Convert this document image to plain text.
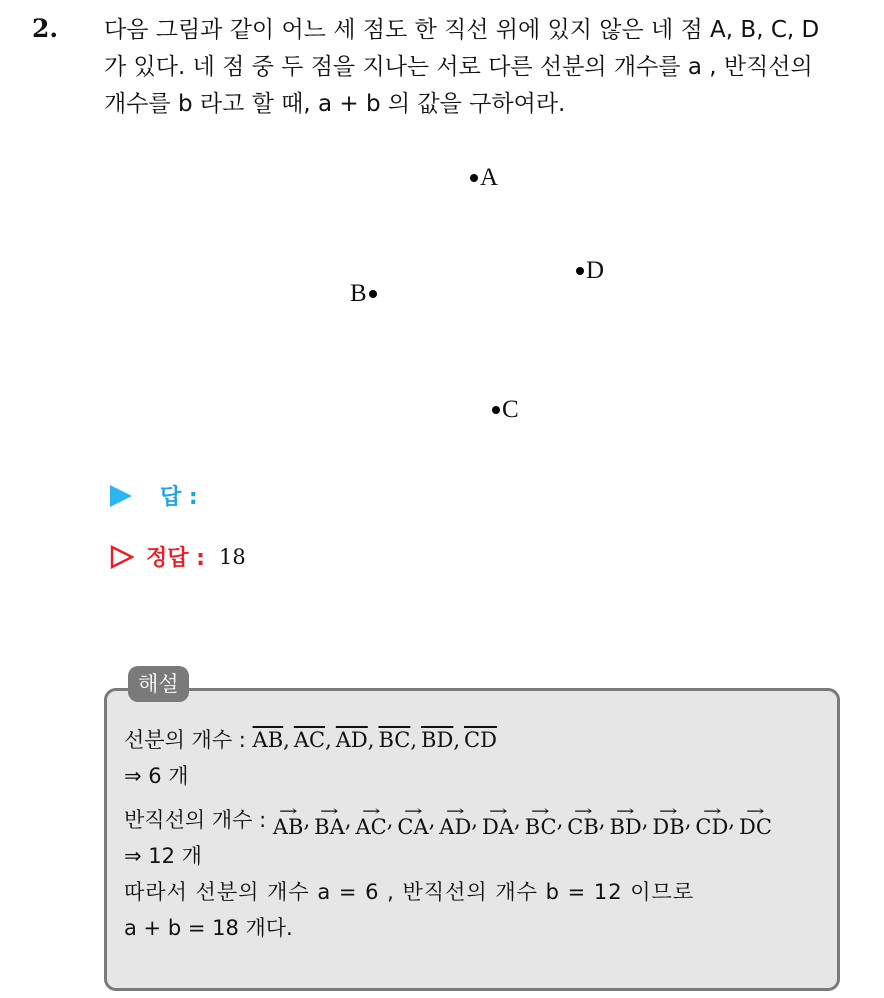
2. 다음 그림과 같이 어느 세 점도 한 직선 위에 있지 않은 네 점 A, B, C, D
가 있다. 네 점 중 두 점을 지나는 서로 다른 선분의 개수를 a , 반직선의
개수를 b 라고 할 때, a + b 의 값을 구하여라.
A
D
B
C
답 :
정답 : 18
해설
선분의 개수 :
$\overline{AB}$ , $\overline{AC}$ , $\overline{AD}$ , $\overline{BC}$ , $\overline{BD}$ , $\overline{CD}$
⇒ 6 개
반직선의 개수 :
→
AB , →
BA , →
AC , →
CA , →
AD , →
DA , →
BC , →
CB , →
BD , →
DB , →
CD , →
DC
⇒ 12 개
따라서 선분의 개수 a = 6 , 반직선의 개수 b = 12 이므로
a + b = 18 개다.
